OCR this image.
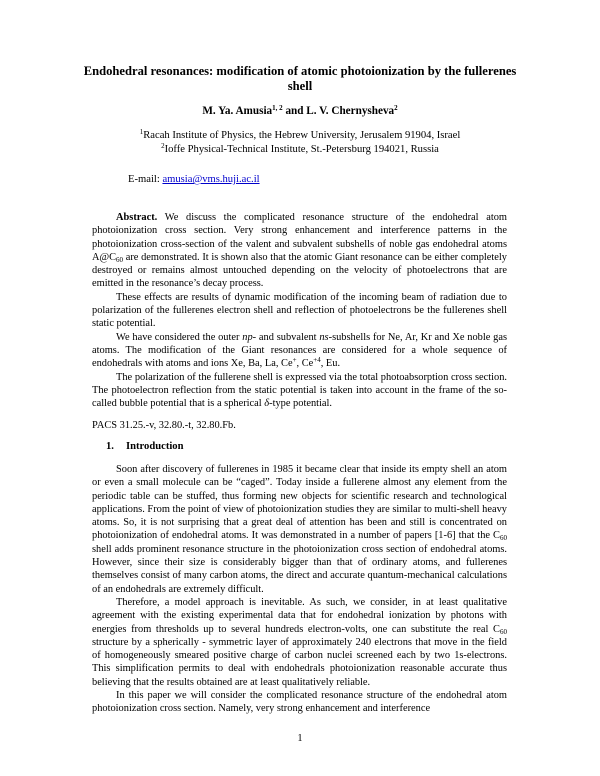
Endohedral resonances: modification of atomic photoionization by the fullerenes shell
M. Ya. Amusia$^{1, 2}$ and L. V. Chernysheva$^2$
$^1$Racah Institute of Physics, the Hebrew University, Jerusalem 91904, Israel
$^2$Ioffe Physical-Technical Institute, St.-Petersburg 194021, Russia
E-mail: amusia@vms.huji.ac.il

Abstract. We discuss the complicated resonance structure of the endohedral atom photoionization cross section. Very strong enhancement and interference patterns in the photoionization cross-section of the valent and subvalent subshells of noble gas endohedral atoms $A@C_{60}$ are demonstrated. It is shown also that the atomic Giant resonance can be either completely destroyed or remains almost untouched depending on the velocity of photoelectrons that are emitted in the resonance’s decay process.

These effects are results of dynamic modification of the incoming beam of radiation due to polarization of the fullerenes electron shell and reflection of photoelectrons be the fullerenes shell static potential.

We have considered the outer np- and subvalent ns-subshells for Ne, Ar, Kr and Xe noble gas atoms. The modification of the Giant resonances are considered for a whole sequence of endohedrals with atoms and ions Xe, Ba, La, Ce+, $Ce^{+4}$, Eu.

The polarization of the fullerene shell is expressed via the total photoabsorption cross section. The photoelectron reflection from the static potential is taken into account in the frame of the so-called bubble potential that is a spherical δ-type potential.

PACS 31.25.-v, 32.80.-t, 32.80.Fb.
1. Introduction

Soon after discovery of fullerenes in 1985 it became clear that inside its empty shell an atom or even a small molecule can be “caged”. Today inside a fullerene almost any element from the periodic table can be stuffed, thus forming new objects for scientific research and technological applications. From the point of view of photoionization studies they are similar to multi-shell heavy atoms. So, it is not surprising that a great deal of attention has been and still is concentrated on photoionization of endohedral atoms. It was demonstrated in a number of papers [1-6] that the $C_{60}$ shell adds prominent resonance structure in the photoionization cross section of endohedral atoms. However, since their size is considerably bigger than that of ordinary atoms, and fullerenes themselves consist of many carbon atoms, the direct and accurate quantum-mechanical calculations of an endohedrals are extremely difficult.

Therefore, a model approach is inevitable. As such, we consider, in at least qualitative agreement with the existing experimental data that for endohedral ionization by photons with energies from thresholds up to several hundreds electron-volts, one can substitute the real $C_{60}$ structure by a spherically - symmetric layer of approximately 240 electrons that move in the field of homogeneously smeared positive charge of carbon nuclei screened each by two 1s-electrons. This simplification permits to deal with endohedrals photoionization reasonable accurate thus believing that the results obtained are at least qualitatively reliable.

In this paper we will consider the complicated resonance structure of the endohedral atom photoionization cross section. Namely, very strong enhancement and interference

1
